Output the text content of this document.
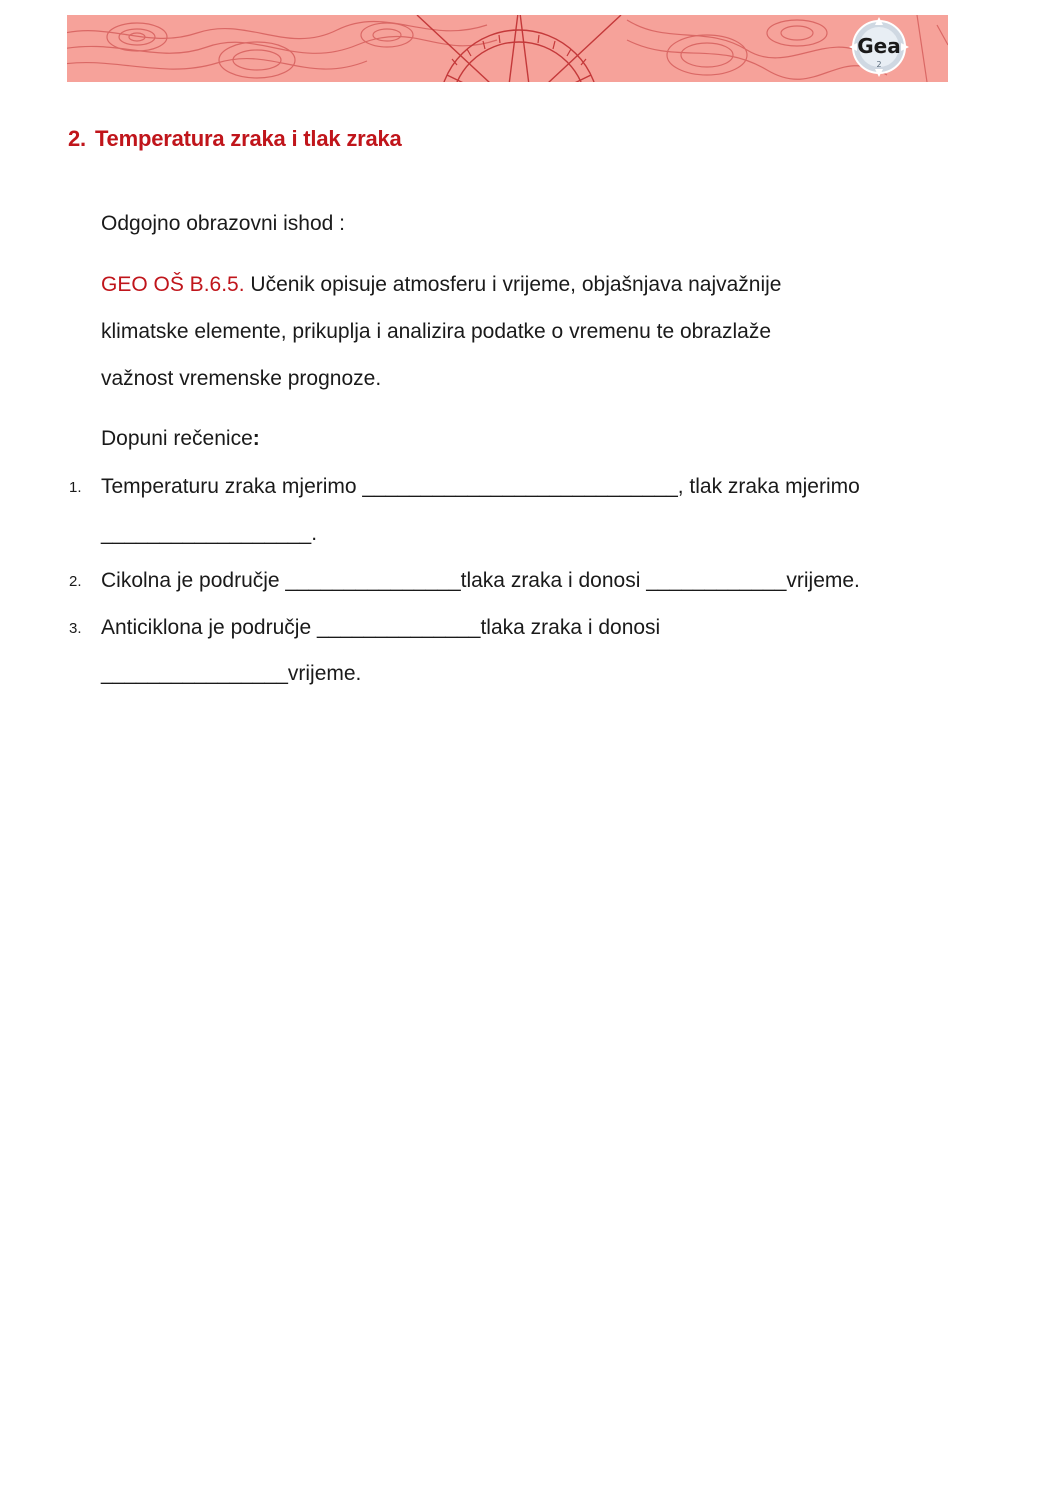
Gea
2
2. Temperatura zraka i tlak zraka
Odgojno obrazovni ishod :
GEO OŠ B.6.5. Učenik opisuje atmosferu i vrijeme, objašnjava najvažnije
klimatske elemente, prikuplja i analizira podatke o vremenu te obrazlaže
važnost vremenske prognoze.
Dopuni rečenice:
1. Temperaturu zraka mjerimo ___________________________, tlak zraka mjerimo
__________________.
2. Cikolna je područje _______________tlaka zraka i donosi ____________vrijeme.
3. Anticiklona je područje ______________tlaka zraka i donosi
________________vrijeme.
